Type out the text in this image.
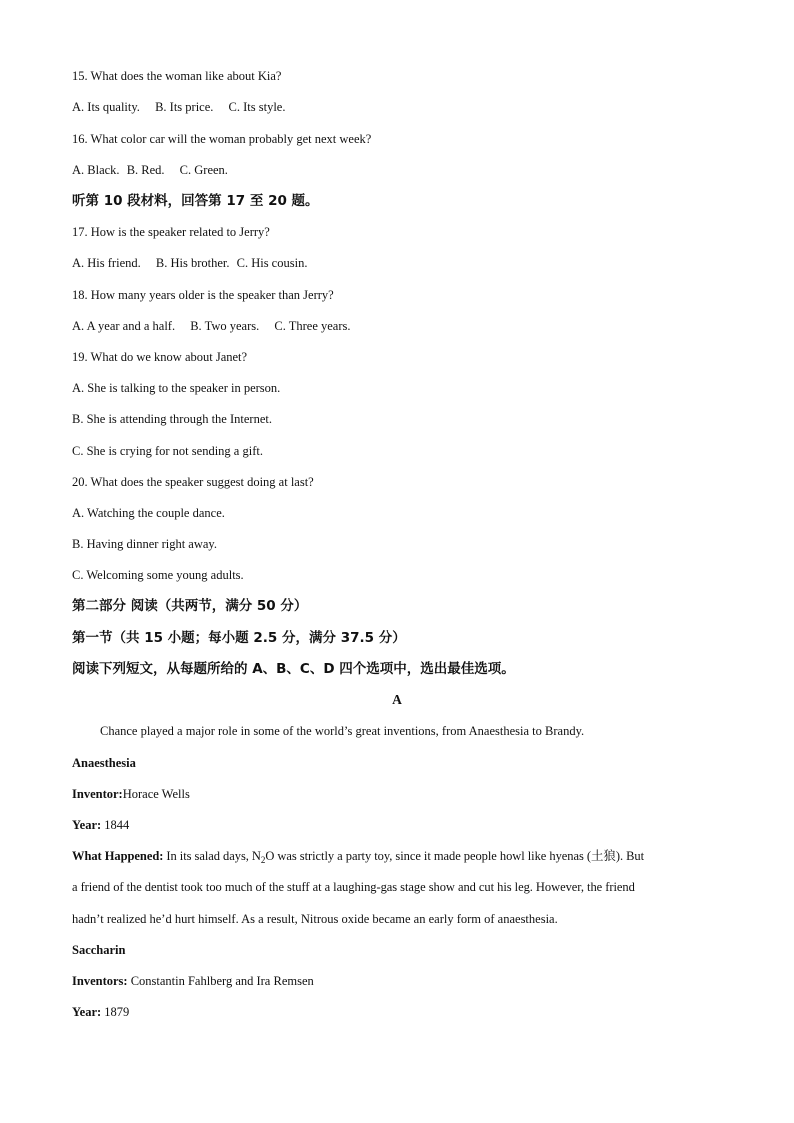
15. What does the woman like about Kia?
A. Its quality. B. Its price. C. Its style.
16. What color car will the woman probably get next week?
A. Black. B. Red. C. Green.
听第 10 段材料，回答第 17 至 20 题。
17. How is the speaker related to Jerry?
A. His friend. B. His brother. C. His cousin.
18. How many years older is the speaker than Jerry?
A. A year and a half. B. Two years. C. Three years.
19. What do we know about Janet?
A. She is talking to the speaker in person.
B. She is attending through the Internet.
C. She is crying for not sending a gift.
20. What does the speaker suggest doing at last?
A. Watching the couple dance.
B. Having dinner right away.
C. Welcoming some young adults.
第二部分 阅读（共两节，满分 50 分）
第一节（共 15 小题；每小题 2.5 分，满分 37.5 分）
阅读下列短文，从每题所给的 A、B、C、D 四个选项中，选出最佳选项。
A
Chance played a major role in some of the world’s great inventions, from Anaesthesia to Brandy.
Anaesthesia
Inventor:Horace Wells
Year: 1844
What Happened: In its salad days, $N_2O$ was strictly a party toy, since it made people howl like hyenas (土狼). But
a friend of the dentist took too much of the stuff at a laughing-gas stage show and cut his leg. However, the friend
hadn’t realized he’d hurt himself. As a result, Nitrous oxide became an early form of anaesthesia.
Saccharin
Inventors: Constantin Fahlberg and Ira Remsen
Year: 1879
